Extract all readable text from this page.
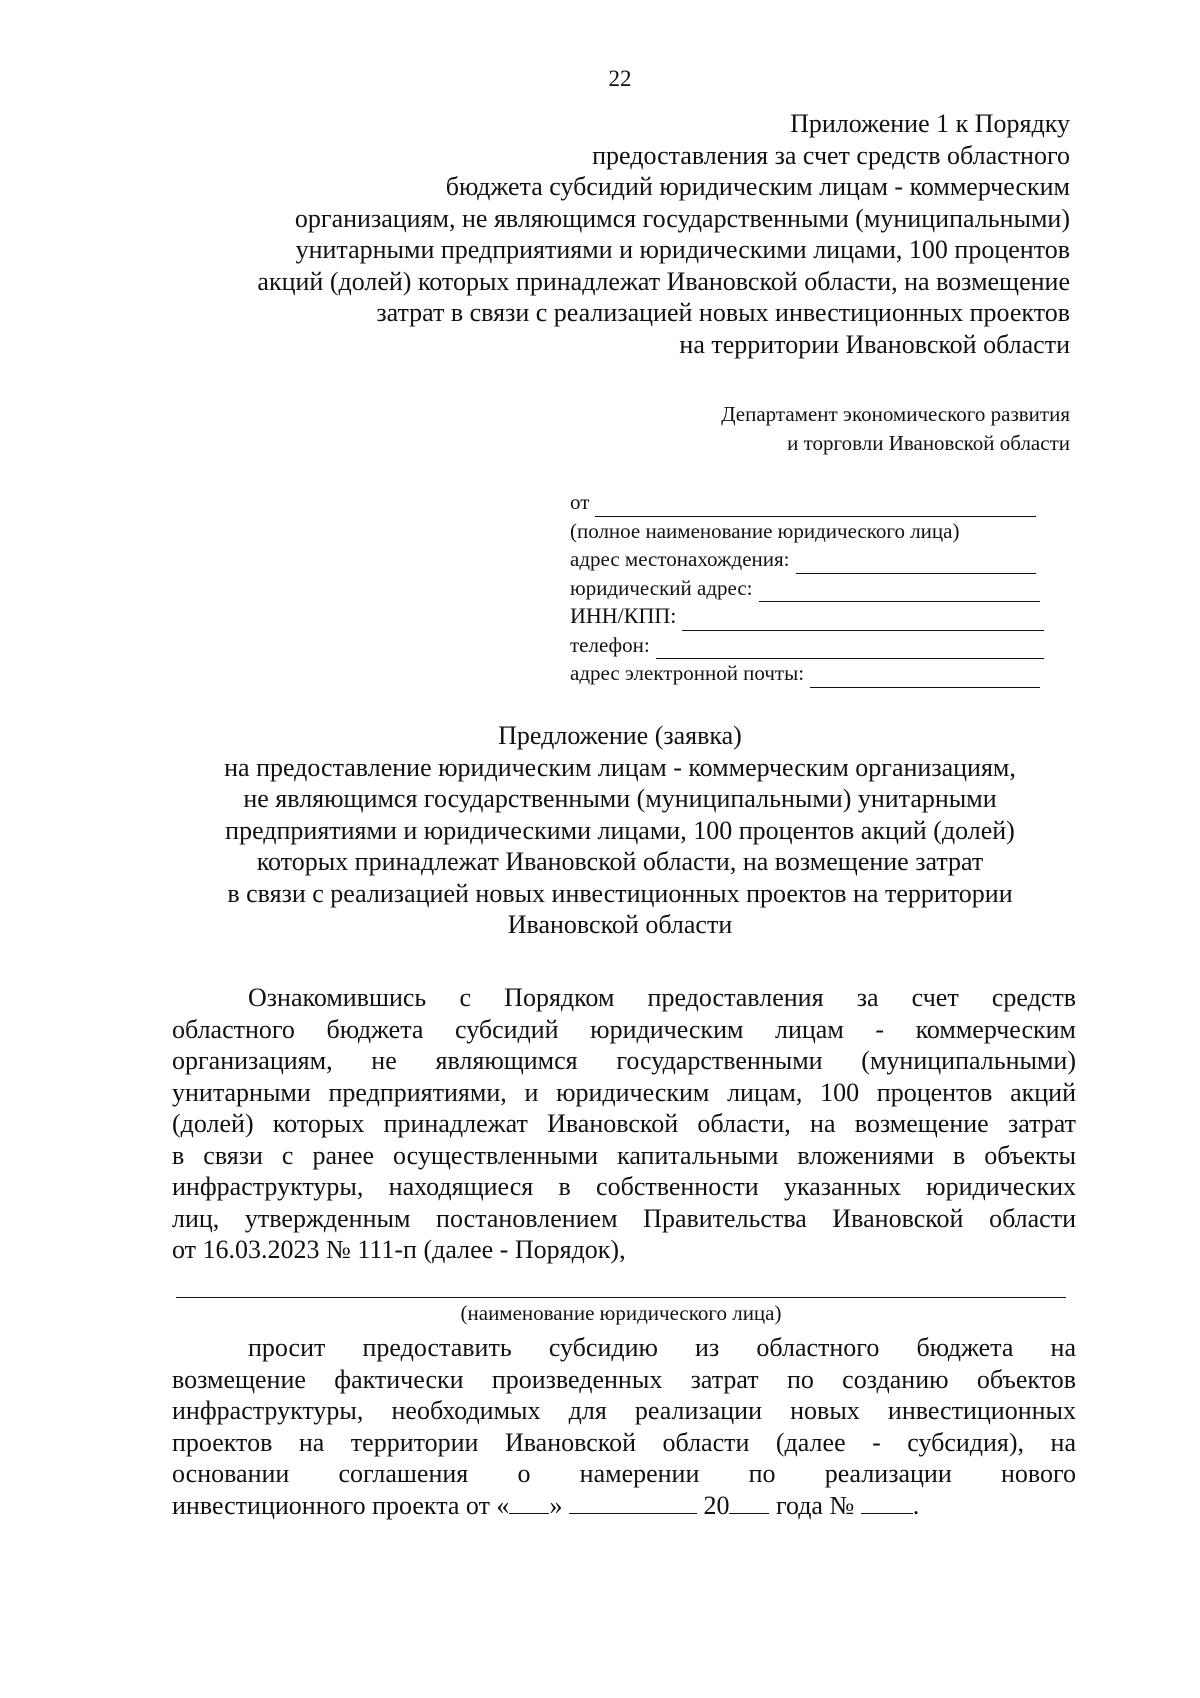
22
Приложение 1 к Порядку
предоставления за счет средств областного
бюджета субсидий юридическим лицам - коммерческим
организациям, не являющимся государственными (муниципальными)
унитарными предприятиями и юридическими лицами, 100 процентов
акций (долей) которых принадлежат Ивановской области, на возмещение
затрат в связи с реализацией новых инвестиционных проектов
на территории Ивановской области
Департамент экономического развития
и торговли Ивановской области
от
(полное наименование юридического лица)
адрес местонахождения:
юридический адрес:
ИНН/КПП:
телефон:
адрес электронной почты:
Предложение (заявка)
на предоставление юридическим лицам - коммерческим организациям,
не являющимся государственными (муниципальными) унитарными
предприятиями и юридическими лицами, 100 процентов акций (долей)
которых принадлежат Ивановской области, на возмещение затрат
в связи с реализацией новых инвестиционных проектов на территории
Ивановской области
Ознакомившись с Порядком предоставления за счет средств
областного бюджета субсидий юридическим лицам - коммерческим
организациям, не являющимся государственными (муниципальными)
унитарными предприятиями, и юридическим лицам, 100 процентов акций
(долей) которых принадлежат Ивановской области, на возмещение затрат
в связи с ранее осуществленными капитальными вложениями в объекты
инфраструктуры, находящиеся в собственности указанных юридических
лиц, утвержденным постановлением Правительства Ивановской области
от 16.03.2023 № 111-п (далее - Порядок),
(наименование юридического лица)
просит предоставить субсидию из областного бюджета на
возмещение фактически произведенных затрат по созданию объектов
инфраструктуры, необходимых для реализации новых инвестиционных
проектов на территории Ивановской области (далее - субсидия), на
основании соглашения о намерении по реализации нового
инвестиционного проекта от « »	20 года № .
